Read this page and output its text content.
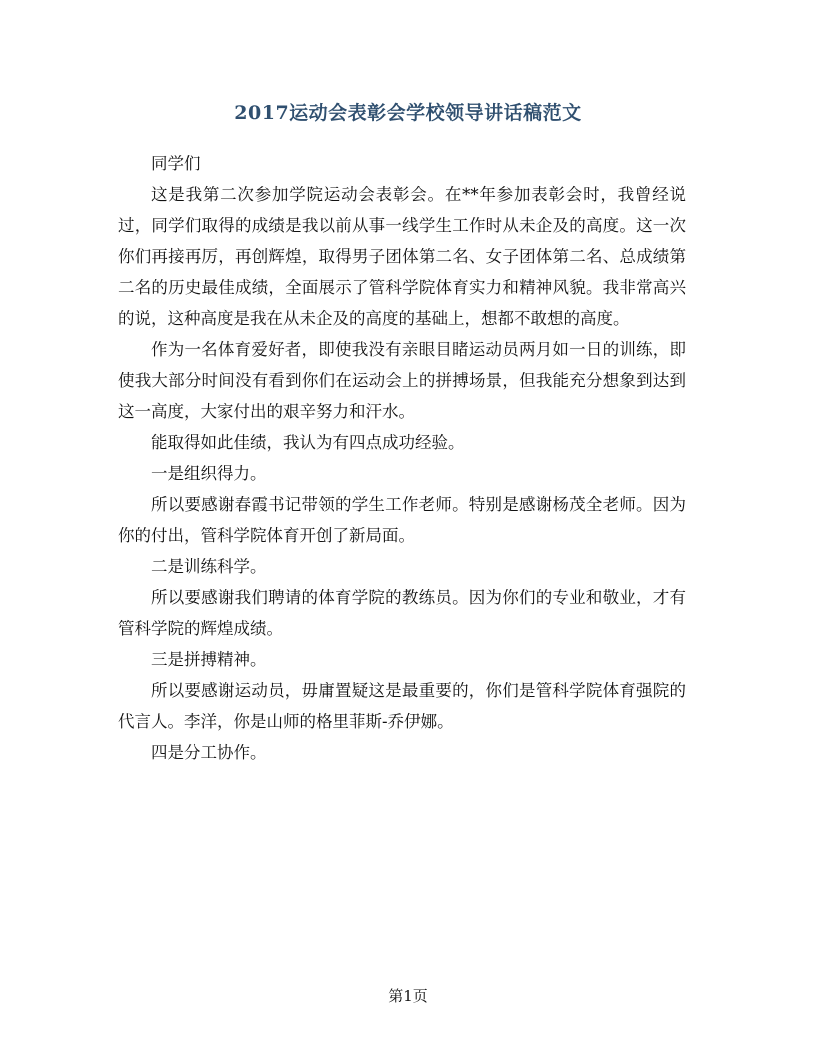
2017运动会表彰会学校领导讲话稿范文

同学们

这是我第二次参加学院运动会表彰会。在**年参加表彰会时，我曾经说过，同学们取得的成绩是我以前从事一线学生工作时从未企及的高度。这一次你们再接再厉，再创辉煌，取得男子团体第二名、女子团体第二名、总成绩第二名的历史最佳成绩，全面展示了管科学院体育实力和精神风貌。我非常高兴的说，这种高度是我在从未企及的高度的基础上，想都不敢想的高度。

作为一名体育爱好者，即使我没有亲眼目睹运动员两月如一日的训练，即使我大部分时间没有看到你们在运动会上的拼搏场景，但我能充分想象到达到这一高度，大家付出的艰辛努力和汗水。

能取得如此佳绩，我认为有四点成功经验。

一是组织得力。

所以要感谢春霞书记带领的学生工作老师。特别是感谢杨茂全老师。因为你的付出，管科学院体育开创了新局面。

二是训练科学。

所以要感谢我们聘请的体育学院的教练员。因为你们的专业和敬业，才有管科学院的辉煌成绩。

三是拼搏精神。

所以要感谢运动员，毋庸置疑这是最重要的，你们是管科学院体育强院的代言人。李洋，你是山师的格里菲斯-乔伊娜。

四是分工协作。

第1页
